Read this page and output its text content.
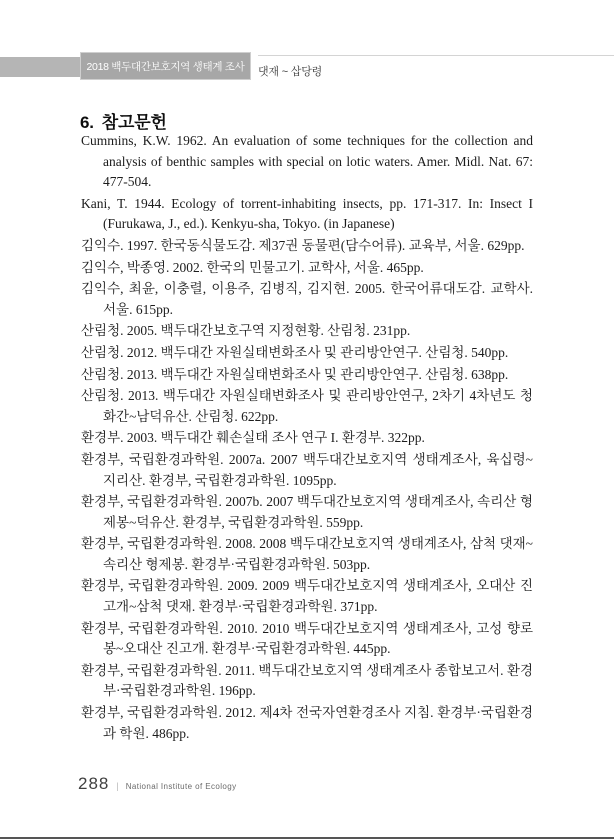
2018 백두대간보호지역 생태계 조사 댓재 ~ 삽당령
6. 참고문헌

Cummins, K.W. 1962. An evaluation of some techniques for the collection and analysis of benthic samples with special on lotic waters. Amer. Midl. Nat. 67: 477-504.

Kani, T. 1944. Ecology of torrent-inhabiting insects, pp. 171-317. In: Insect I (Furukawa, J., ed.). Kenkyu-sha, Tokyo. (in Japanese)

김익수. 1997. 한국동식물도감. 제37권 동물편(담수어류). 교육부, 서울. 629pp.

김익수, 박종영. 2002. 한국의 민물고기. 교학사, 서울. 465pp.

김익수, 최윤, 이충렬, 이용주, 김병직, 김지현. 2005. 한국어류대도감. 교학사. 서울. 615pp.

산림청. 2005. 백두대간보호구역 지정현황. 산림청. 231pp.

산림청. 2012. 백두대간 자원실태변화조사 및 관리방안연구. 산림청. 540pp.

산림청. 2013. 백두대간 자원실태변화조사 및 관리방안연구. 산림청. 638pp.

산림청. 2013. 백두대간 자원실태변화조사 및 관리방안연구, 2차기 4차년도 청화간~남덕유산. 산림청. 622pp.

환경부. 2003. 백두대간 훼손실태 조사 연구 I. 환경부. 322pp.

환경부, 국립환경과학원. 2007a. 2007 백두대간보호지역 생태계조사, 육십령~지리산. 환경부, 국립환경과학원. 1095pp.

환경부, 국립환경과학원. 2007b. 2007 백두대간보호지역 생태계조사, 속리산 형제봉~덕유산. 환경부, 국립환경과학원. 559pp.

환경부, 국립환경과학원. 2008. 2008 백두대간보호지역 생태계조사, 삼척 댓재~속리산 형제봉. 환경부·국립환경과학원. 503pp.

환경부, 국립환경과학원. 2009. 2009 백두대간보호지역 생태계조사, 오대산 진고개~삼척 댓재. 환경부·국립환경과학원. 371pp.

환경부, 국립환경과학원. 2010. 2010 백두대간보호지역 생태계조사, 고성 향로봉~오대산 진고개. 환경부·국립환경과학원. 445pp.

환경부, 국립환경과학원. 2011. 백두대간보호지역 생태계조사 종합보고서. 환경부·국립환경과학원. 196pp.

환경부, 국립환경과학원. 2012. 제4차 전국자연환경조사 지침. 환경부·국립환경과 학원. 486pp.

288 | National Institute of Ecology
